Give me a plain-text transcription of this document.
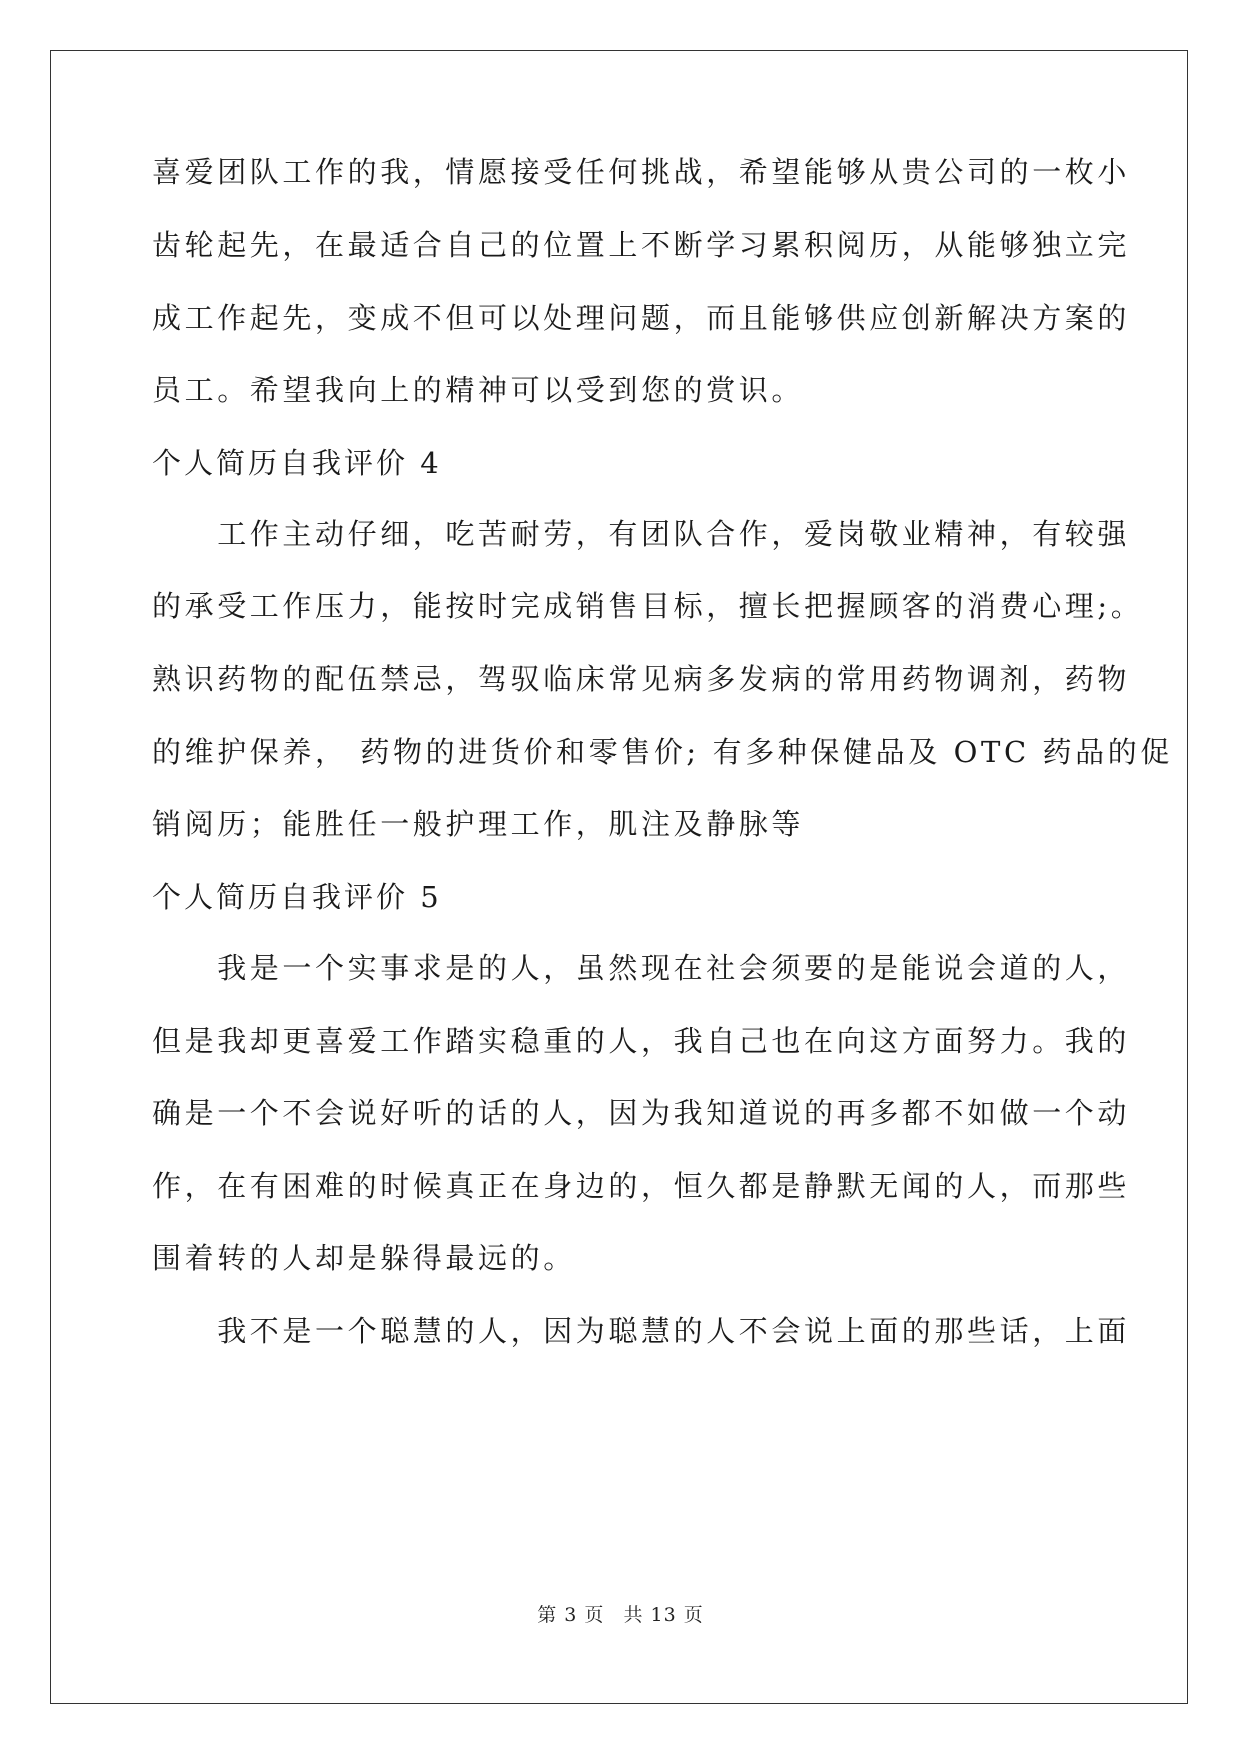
喜爱团队工作的我，情愿接受任何挑战，希望能够从贵公司的一枚小
齿轮起先，在最适合自己的位置上不断学习累积阅历，从能够独立完
成工作起先，变成不但可以处理问题，而且能够供应创新解决方案的
员工。希望我向上的精神可以受到您的赏识。
个人简历自我评价 4
　　工作主动仔细，吃苦耐劳，有团队合作，爱岗敬业精神，有较强
的承受工作压力，能按时完成销售目标，擅长把握顾客的消费心理;。
熟识药物的配伍禁忌，驾驭临床常见病多发病的常用药物调剂，药物
的维护保养， 药物的进货价和零售价; 有多种保健品及 OTC 药品的促
销阅历；能胜任一般护理工作，肌注及静脉等
个人简历自我评价 5
　　我是一个实事求是的人，虽然现在社会须要的是能说会道的人，
但是我却更喜爱工作踏实稳重的人，我自己也在向这方面努力。我的
确是一个不会说好听的话的人，因为我知道说的再多都不如做一个动
作，在有困难的时候真正在身边的，恒久都是静默无闻的人，而那些
围着转的人却是躲得最远的。
　　我不是一个聪慧的人，因为聪慧的人不会说上面的那些话，上面
第 3 页 共 13 页
